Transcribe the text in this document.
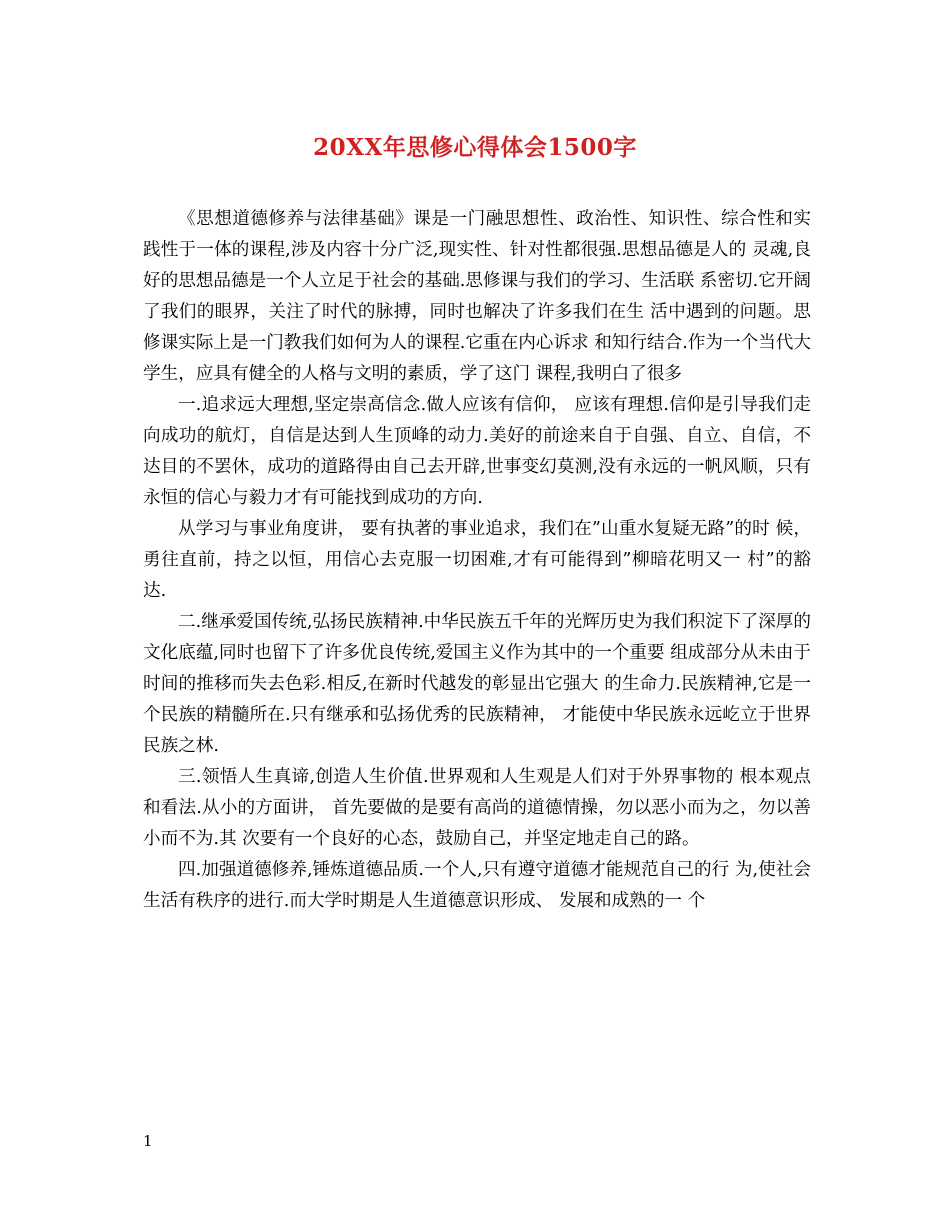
20XX年思修心得体会1500字

《思想道德修养与法律基础》课是一门融思想性、政治性、知识性、综合性和实 践性于一体的课程,涉及内容十分广泛,现实性、针对性都很强.思想品德是人的 灵魂,良好的思想品德是一个人立足于社会的基础.思修课与我们的学习、生活联 系密切.它开阔了我们的眼界，关注了时代的脉搏，同时也解决了许多我们在生 活中遇到的问题。思修课实际上是一门教我们如何为人的课程.它重在内心诉求 和知行结合.作为一个当代大学生，应具有健全的人格与文明的素质，学了这门 课程,我明白了很多

一.追求远大理想,坚定崇高信念.做人应该有信仰， 应该有理想.信仰是引导我们走向成功的航灯，自信是达到人生顶峰的动力.美好的前途来自于自强、自立、自信，不达目的不罢休，成功的道路得由自己去开辟,世事变幻莫测,没有永远的一帆风顺，只有永恒的信心与毅力才有可能找到成功的方向.

从学习与事业角度讲， 要有执著的事业追求，我们在”山重水复疑无路”的时 候，勇往直前，持之以恒，用信心去克服一切困难,才有可能得到”柳暗花明又一 村”的豁达.

二.继承爱国传统,弘扬民族精神.中华民族五千年的光辉历史为我们积淀下了深厚的文化底蕴,同时也留下了许多优良传统,爱国主义作为其中的一个重要 组成部分从未由于时间的推移而失去色彩.相反,在新时代越发的彰显出它强大 的生命力.民族精神,它是一个民族的精髓所在.只有继承和弘扬优秀的民族精神， 才能使中华民族永远屹立于世界民族之林.

三.领悟人生真谛,创造人生价值.世界观和人生观是人们对于外界事物的 根本观点和看法.从小的方面讲， 首先要做的是要有高尚的道德情操，勿以恶小而为之，勿以善小而不为.其 次要有一个良好的心态，鼓励自己，并坚定地走自己的路。

四.加强道德修养,锤炼道德品质.一个人,只有遵守道德才能规范自己的行 为,使社会生活有秩序的进行.而大学时期是人生道德意识形成、 发展和成熟的一 个

1
